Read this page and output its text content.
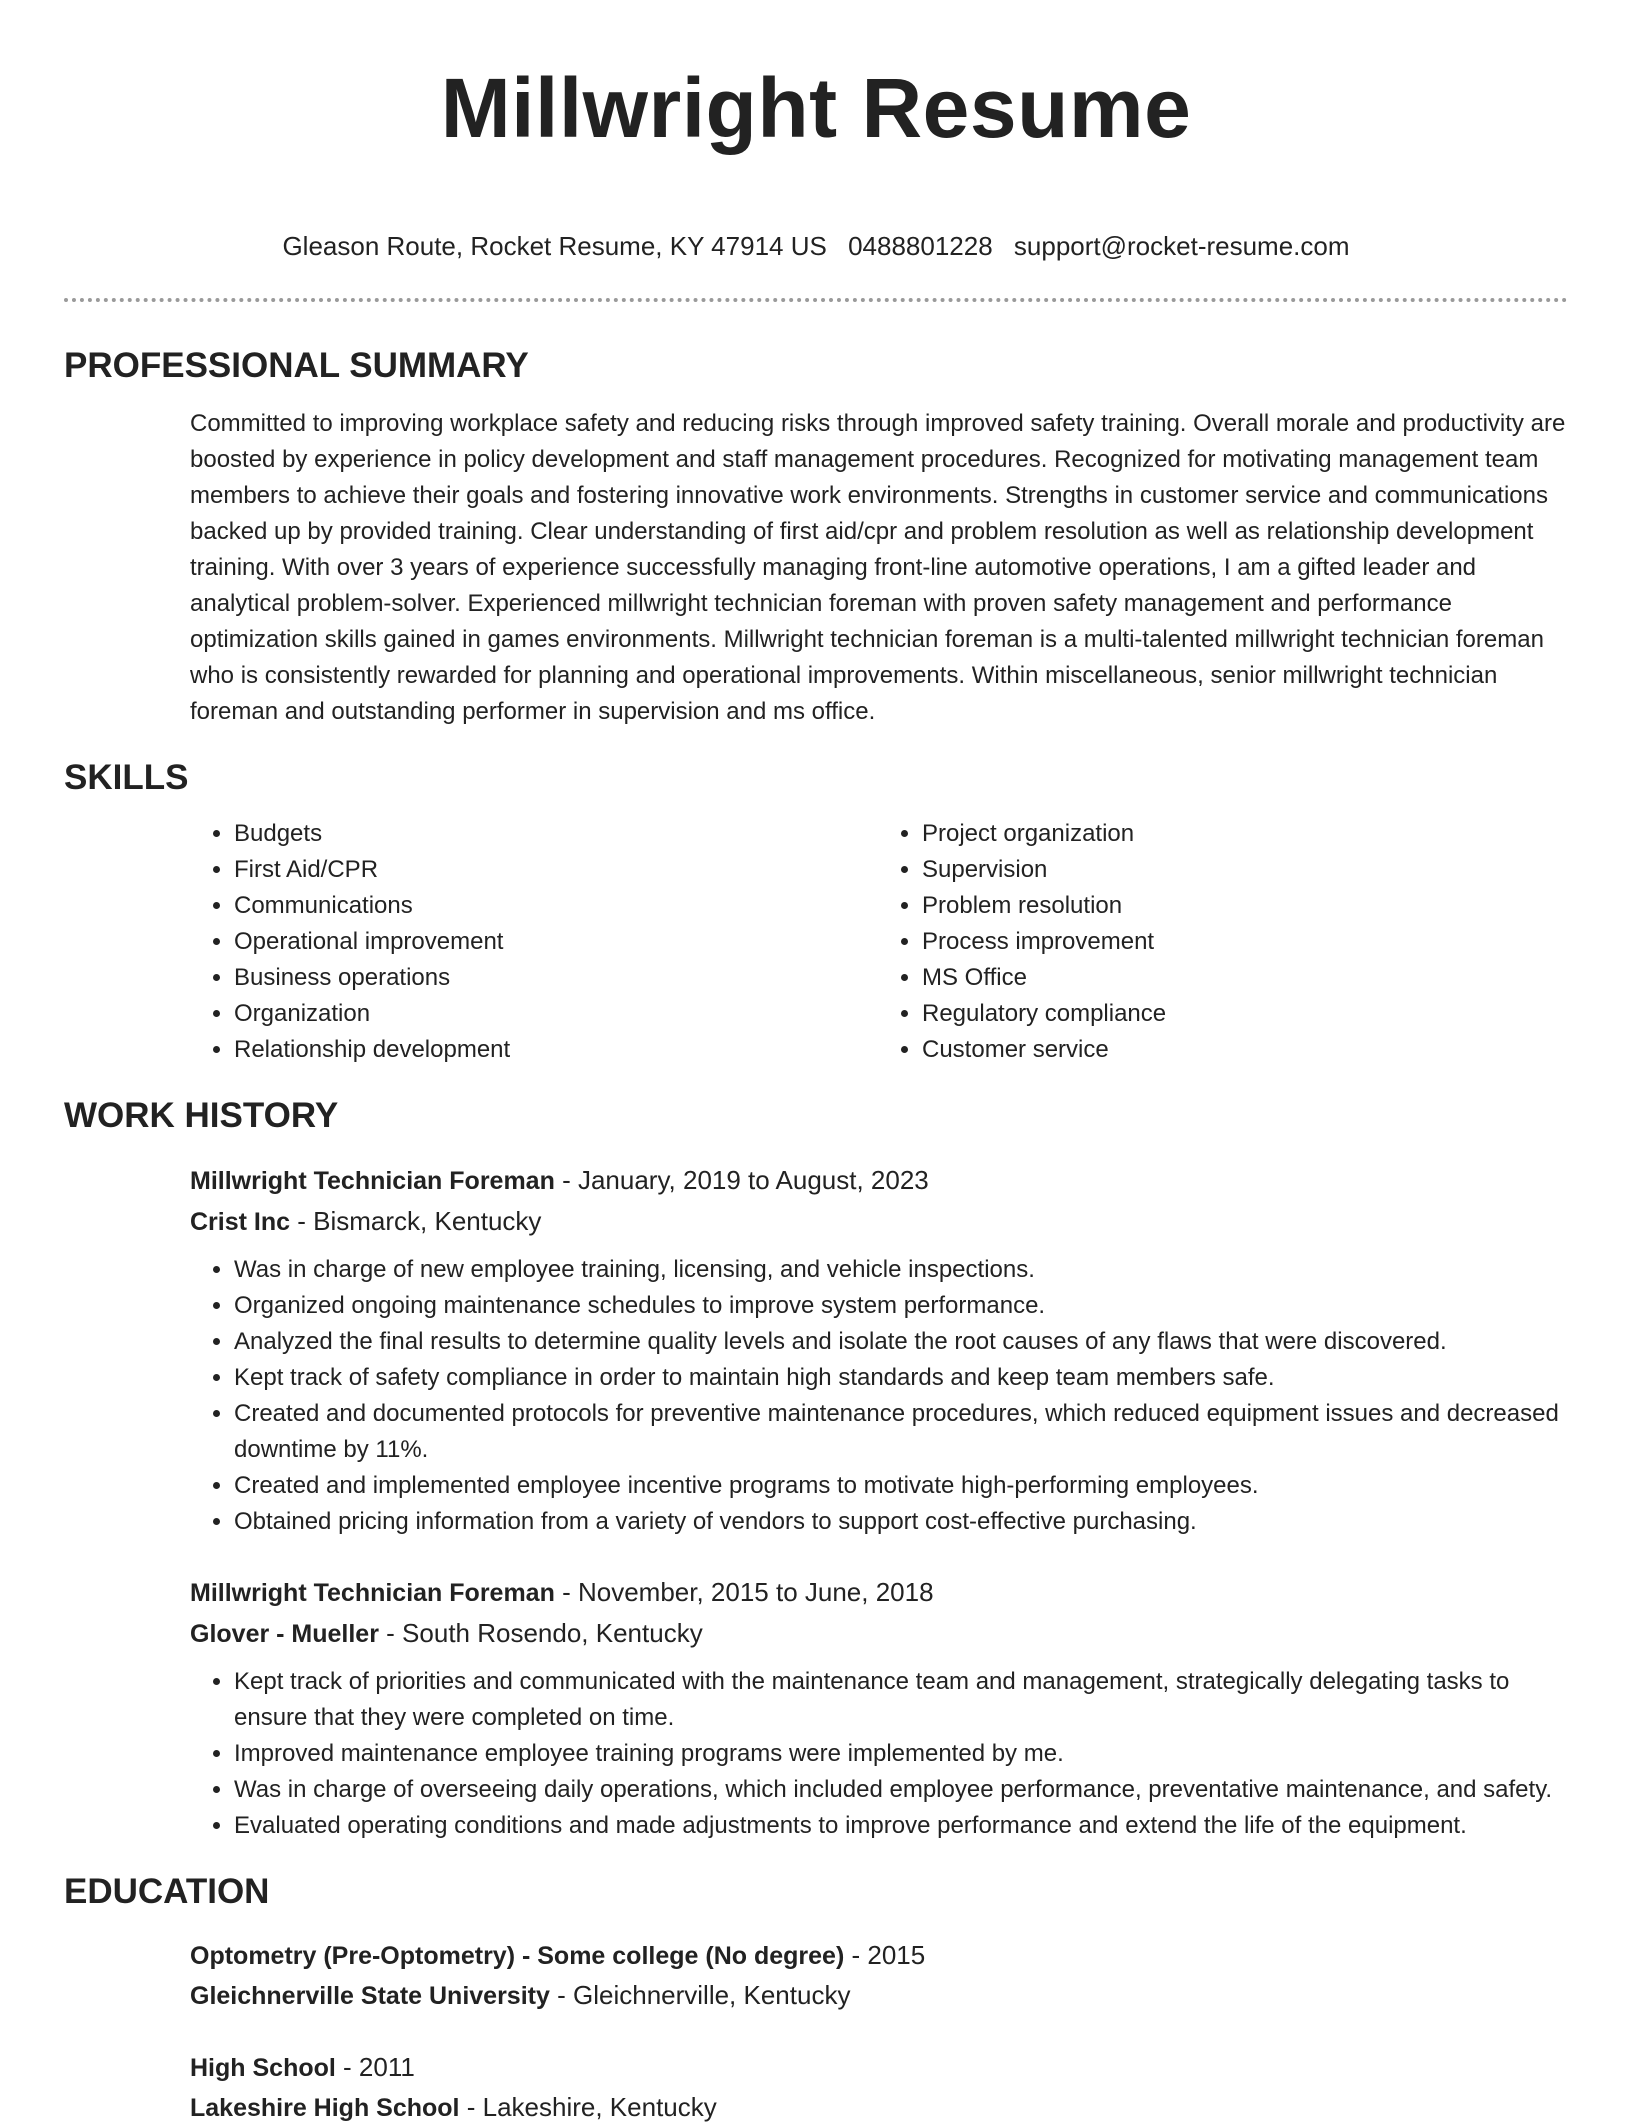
Millwright Resume
Gleason Route, Rocket Resume, KY 47914 US 0488801228 support@rocket-resume.com
PROFESSIONAL SUMMARY

Committed to improving workplace safety and reducing risks through improved safety training. Overall morale and productivity are boosted by experience in policy development and staff management procedures. Recognized for motivating management team members to achieve their goals and fostering innovative work environments. Strengths in customer service and communications backed up by provided training. Clear understanding of first aid/cpr and problem resolution as well as relationship development training. With over 3 years of experience successfully managing front-line automotive operations, I am a gifted leader and analytical problem-solver. Experienced millwright technician foreman with proven safety management and performance optimization skills gained in games environments. Millwright technician foreman is a multi-talented millwright technician foreman who is consistently rewarded for planning and operational improvements. Within miscellaneous, senior millwright technician foreman and outstanding performer in supervision and ms office.

SKILLS
• Budgets
• First Aid/CPR
• Communications
• Operational improvement
• Business operations
• Organization
• Relationship development
• Project organization
• Supervision
• Problem resolution
• Process improvement
• MS Office
• Regulatory compliance
• Customer service
WORK HISTORY
Millwright Technician Foreman - January, 2019 to August, 2023
Crist Inc - Bismarck, Kentucky
• Was in charge of new employee training, licensing, and vehicle inspections.
• Organized ongoing maintenance schedules to improve system performance.
• Analyzed the final results to determine quality levels and isolate the root causes of any flaws that were discovered.
• Kept track of safety compliance in order to maintain high standards and keep team members safe.
• Created and documented protocols for preventive maintenance procedures, which reduced equipment issues and decreased downtime by 11%.
• Created and implemented employee incentive programs to motivate high-performing employees.
• Obtained pricing information from a variety of vendors to support cost-effective purchasing.
Millwright Technician Foreman - November, 2015 to June, 2018
Glover - Mueller - South Rosendo, Kentucky
• Kept track of priorities and communicated with the maintenance team and management, strategically delegating tasks to ensure that they were completed on time.
• Improved maintenance employee training programs were implemented by me.
• Was in charge of overseeing daily operations, which included employee performance, preventative maintenance, and safety.
• Evaluated operating conditions and made adjustments to improve performance and extend the life of the equipment.
EDUCATION
Optometry (Pre-Optometry) - Some college (No degree) - 2015
Gleichnerville State University - Gleichnerville, Kentucky
High School - 2011
Lakeshire High School - Lakeshire, Kentucky
